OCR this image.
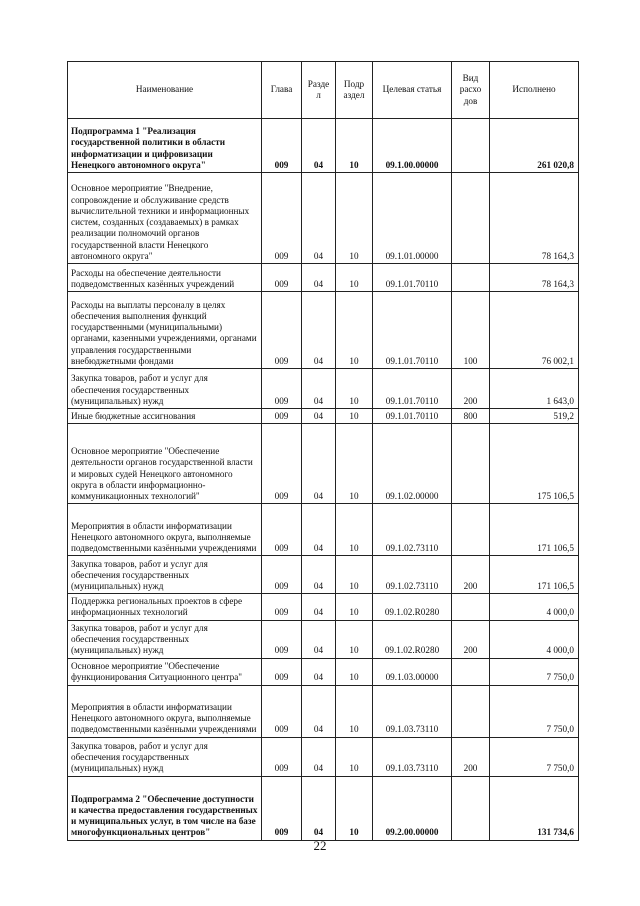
Наименование	Глава	Разде л	Подр аздел	Целевая статья	Вид расхо дов	Исполнено
Подпрограмма 1 "Реализация государственной политики в области информатизации и цифровизации Ненецкого автономного округа"	009	04	10	09.1.00.00000		261 020,8
Основное мероприятие "Внедрение, сопровождение и обслуживание средств вычислительной техники и информационных систем, созданных (создаваемых) в рамках реализации полномочий органов государственной власти Ненецкого автономного округа"	009	04	10	09.1.01.00000		78 164,3
Расходы на обеспечение деятельности подведомственных казённых учреждений	009	04	10	09.1.01.70110		78 164,3
Расходы на выплаты персоналу в целях обеспечения выполнения функций государственными (муниципальными) органами, казенными учреждениями, органами управления государственными внебюджетными фондами	009	04	10	09.1.01.70110	100	76 002,1
Закупка товаров, работ и услуг для обеспечения государственных (муниципальных) нужд	009	04	10	09.1.01.70110	200	1 643,0
Иные бюджетные ассигнования	009	04	10	09.1.01.70110	800	519,2
Основное мероприятие "Обеспечение деятельности органов государственной власти и мировых судей Ненецкого автономного округа в области информационно-коммуникационных технологий"	009	04	10	09.1.02.00000		175 106,5
Мероприятия в области информатизации Ненецкого автономного округа, выполняемые подведомственными казёнными учреждениями	009	04	10	09.1.02.73110		171 106,5
Закупка товаров, работ и услуг для обеспечения государственных (муниципальных) нужд	009	04	10	09.1.02.73110	200	171 106,5
Поддержка региональных проектов в сфере информационных технологий	009	04	10	09.1.02.R0280		4 000,0
Закупка товаров, работ и услуг для обеспечения государственных (муниципальных) нужд	009	04	10	09.1.02.R0280	200	4 000,0
Основное мероприятие "Обеспечение функционирования Ситуационного центра"	009	04	10	09.1.03.00000		7 750,0
Мероприятия в области информатизации Ненецкого автономного округа, выполняемые подведомственными казёнными учреждениями	009	04	10	09.1.03.73110		7 750,0
Закупка товаров, работ и услуг для обеспечения государственных (муниципальных) нужд	009	04	10	09.1.03.73110	200	7 750,0
Подпрограмма 2 "Обеспечение доступности и качества предоставления государственных и муниципальных услуг, в том числе на базе многофункциональных центров"	009	04	10	09.2.00.00000		131 734,6
22
